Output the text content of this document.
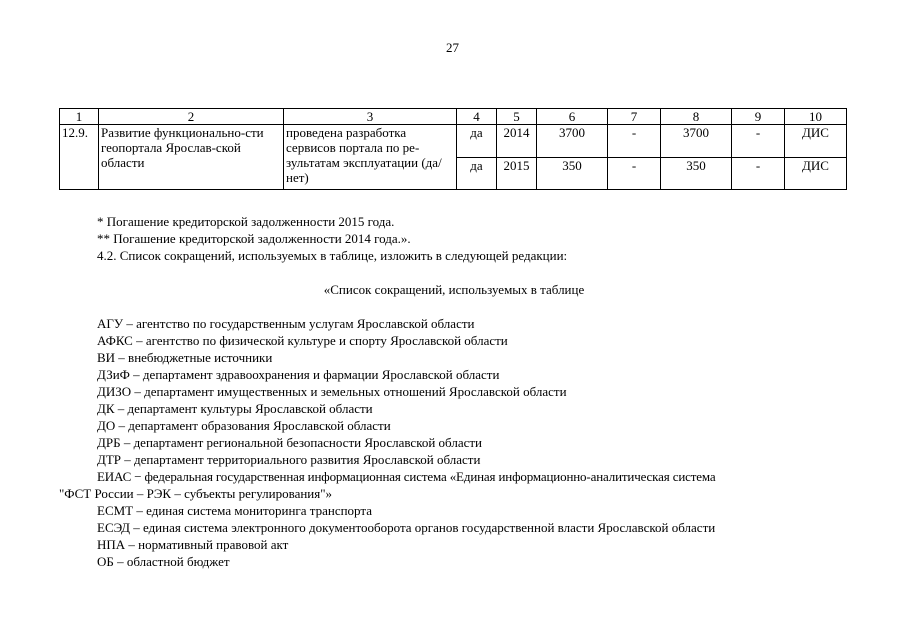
27
1	2	3	4	5	6	7	8	9	10
12.9.	Развитие функционально-сти геопортала Ярослав-ской области	проведена разработка сервисов портала по ре-зультатам эксплуатации (да/нет)	да	2014	3700	-	3700	-	ДИС
			да	2015	350	-	350	-	ДИС

* Погашение кредиторской задолженности 2015 года.

** Погашение кредиторской задолженности 2014 года.».

4.2. Список сокращений, используемых в таблице, изложить в следующей редакции:

«Список сокращений, используемых в таблице

АГУ – агентство по государственным услугам Ярославской области

АФКС – агентство по физической культуре и спорту Ярославской области

ВИ – внебюджетные источники

ДЗиФ – департамент здравоохранения и фармации Ярославской области

ДИЗО – департамент имущественных и земельных отношений Ярославской области

ДК – департамент культуры Ярославской области

ДО – департамент образования Ярославской области

ДРБ – департамент региональной безопасности Ярославской области

ДТР – департамент территориального развития Ярославской области

ЕИАС − федеральная государственная информационная система «Единая информационно-аналитическая система

"ФСТ России – РЭК – субъекты регулирования"»

ЕСМТ – единая система мониторинга транспорта

ЕСЭД – единая система электронного документооборота органов государственной власти Ярославской области

НПА – нормативный правовой акт

ОБ – областной бюджет
